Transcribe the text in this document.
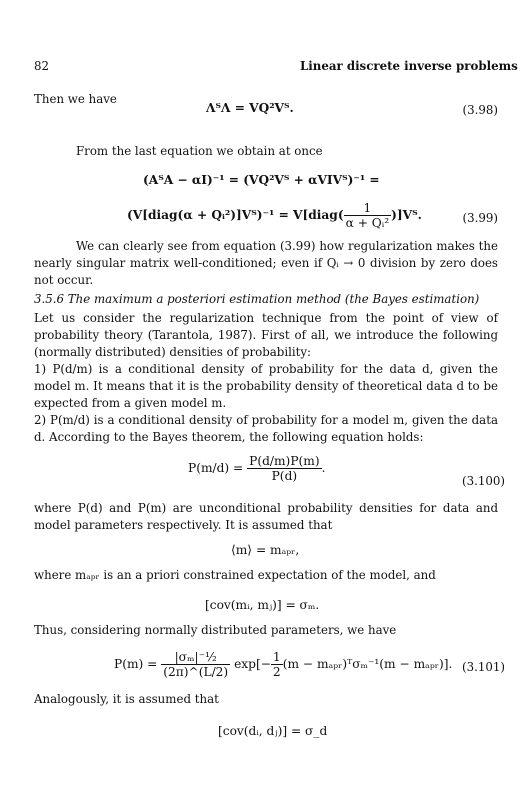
82	Linear discrete inverse problems
Then we have
ΛᵀΛ = VQ²Vᵀ.	(3.98)
From the last equation we obtain at once
(AᵀA − αI)⁻¹ = (VQ²Vᵀ + αVIVᵀ)⁻¹ =
(V[diag(α + Qᵢ²)]Vᵀ)⁻¹ = V[diag( $\frac{1}{\text{α + Qᵢ²}}$ )]Vᵀ.	(3.99)
We can clearly see from equation (3.99) how regularization makes the nearly singular matrix well-conditioned; even if Qᵢ → 0 division by zero does not occur.
3.5.6 The maximum a posteriori estimation method (the Bayes estimation)
Let us consider the regularization technique from the point of view of probability theory (Tarantola, 1987). First of all, we introduce the following (normally distributed) densities of probability:
1) P(d/m) is a conditional density of probability for the data d, given the model m. It means that it is the probability density of theoretical data d to be expected from a given model m.
2) P(m/d) is a conditional density of probability for a model m, given the data d. According to the Bayes theorem, the following equation holds:
$P(m/d) = \frac{P(d/m)P(m)}{P(d)}$ .
(3.100)
where P(d) and P(m) are unconditional probability densities for data and model parameters respectively. It is assumed that
⟨m⟩ = mₐₚᵣ,
where mₐₚᵣ is an a priori constrained expectation of the model, and
[cov(mᵢ, mⱼ)] = σₘ.
Thus, considering normally distributed parameters, we have
$P(m) = \frac{\text{|σₘ|⁻½}}{(2\pi)\^{}(L/2)} \exp[- \frac{1}{2} (m$ − mₐₚᵣ)ᵀσₘ⁻¹(m − mₐₚᵣ)]. (3.101)
Analogously, it is assumed that
[cov(dᵢ, dⱼ)] = σ_d
